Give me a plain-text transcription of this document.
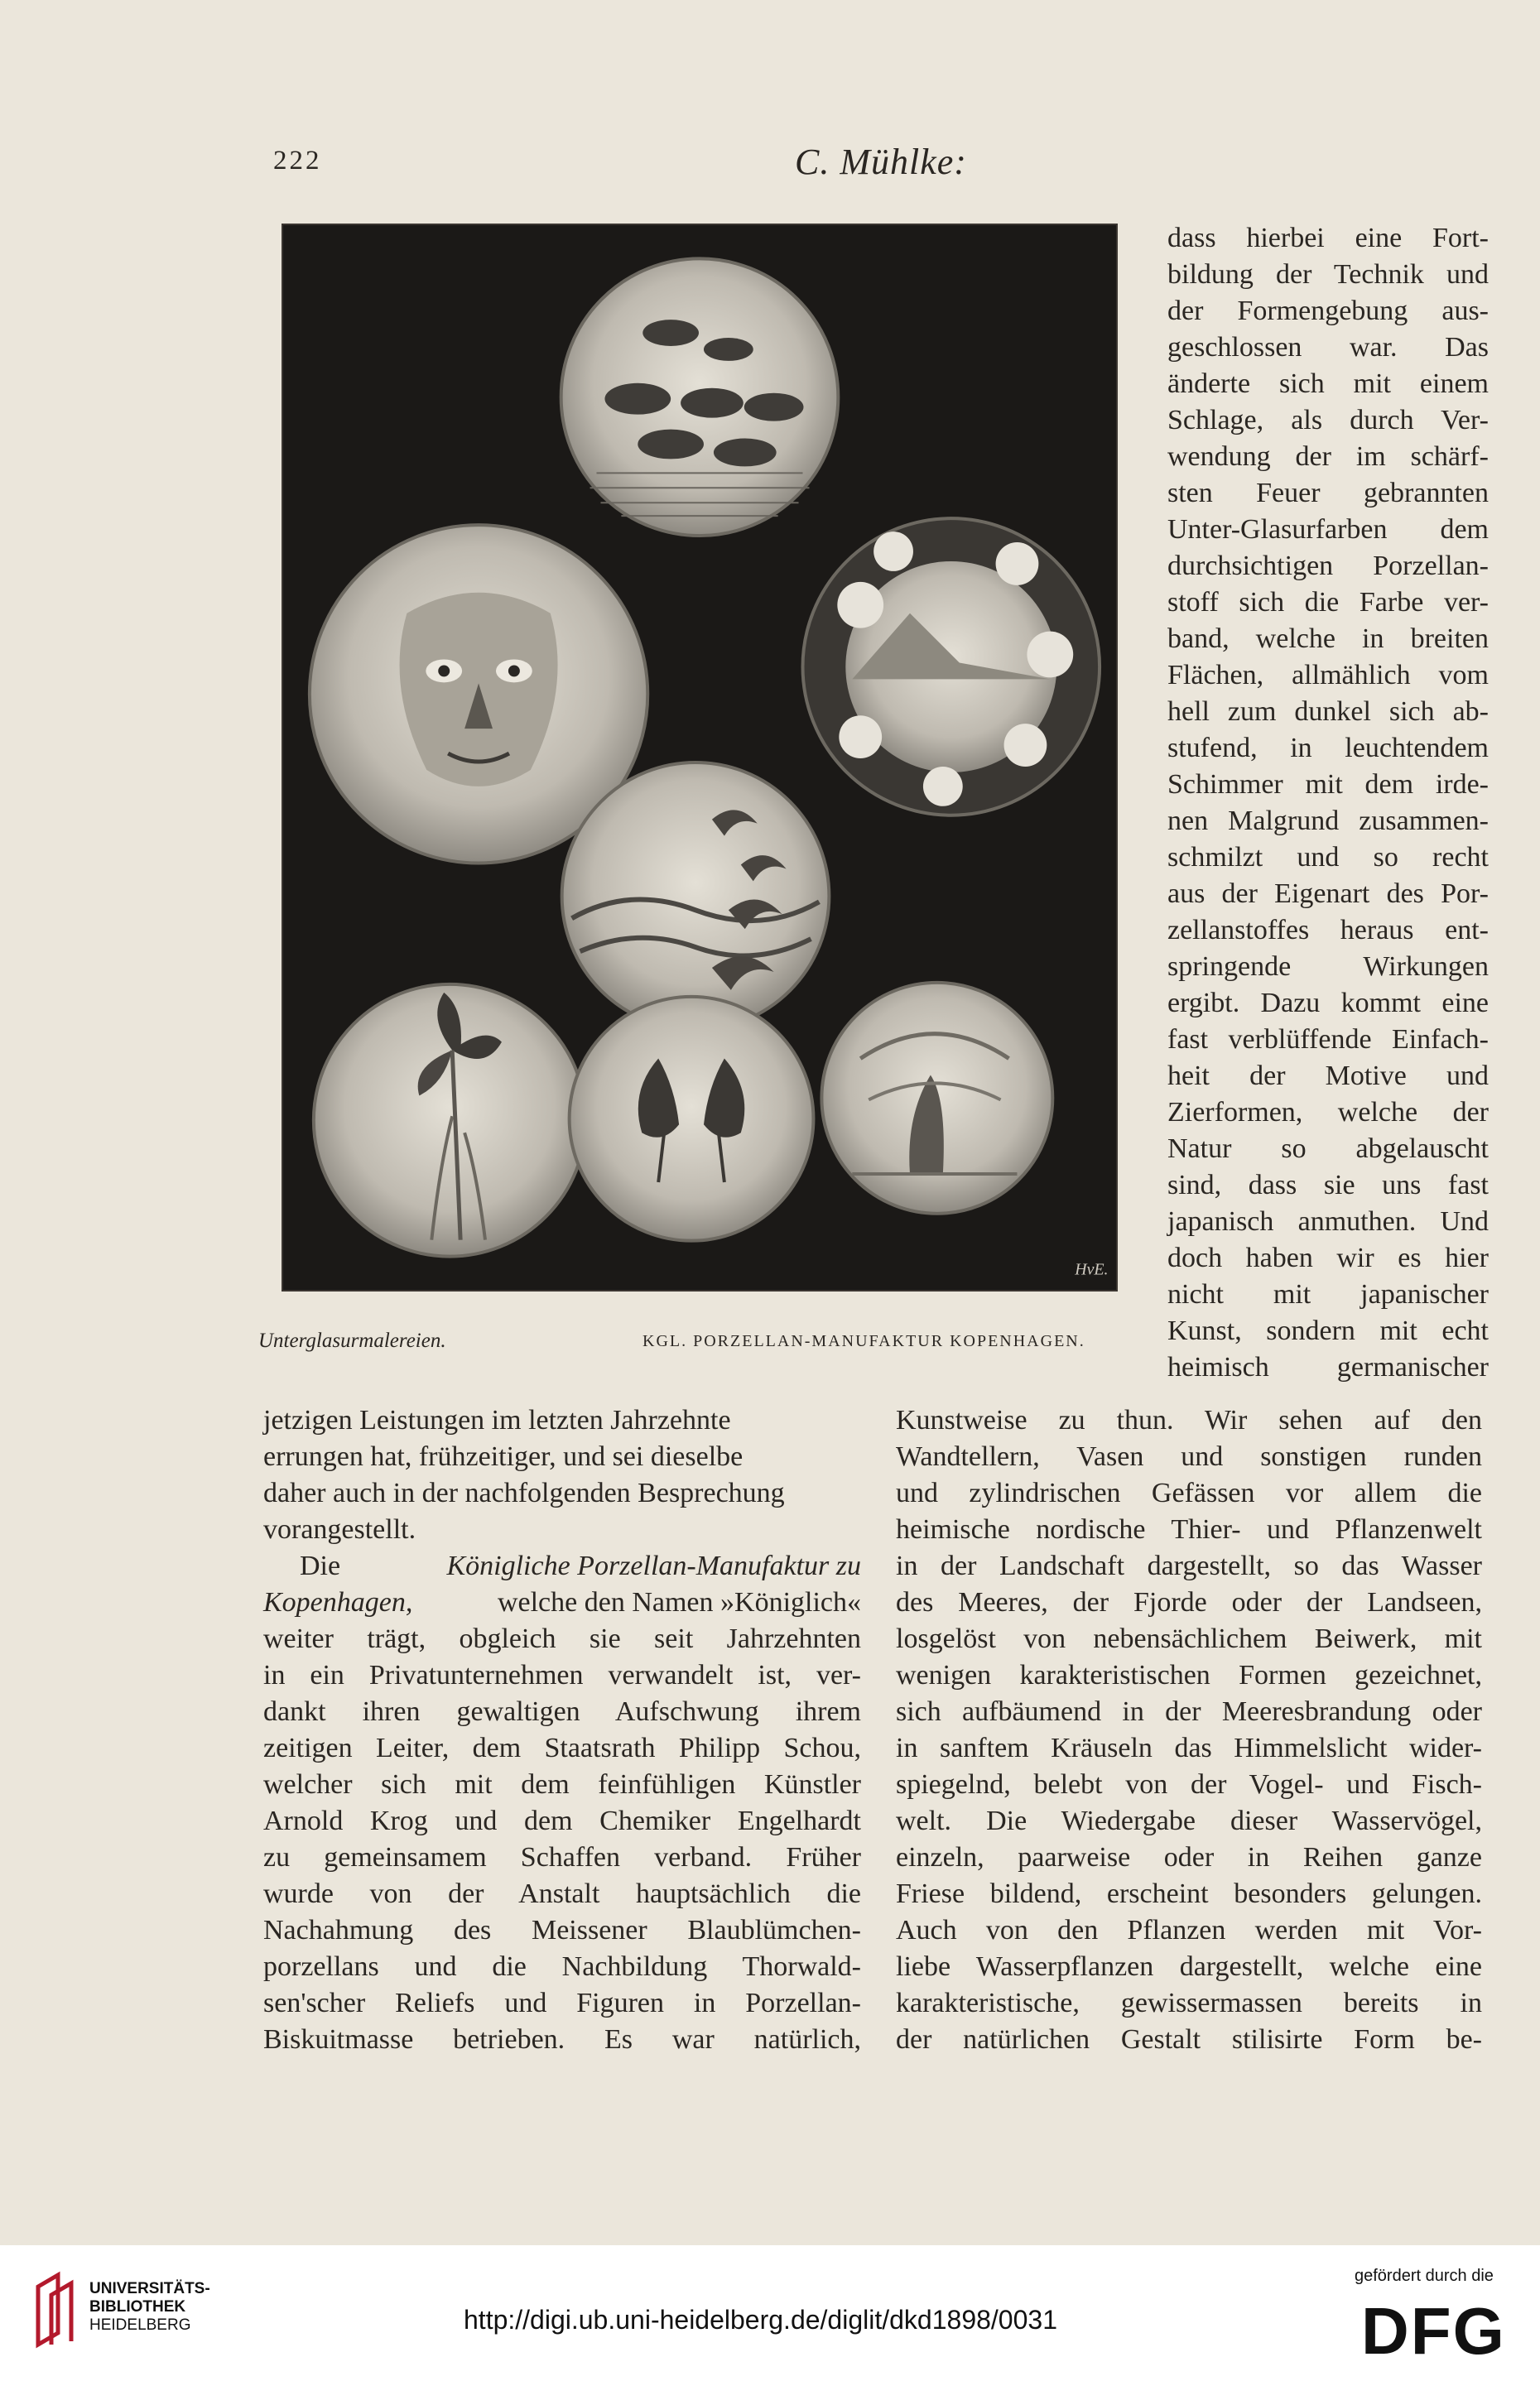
222	C. Mühlke:
HvE.
Unterglasurmalereien.	KGL. PORZELLAN-MANUFAKTUR KOPENHAGEN.
dass hierbei eine Fort-
bildung der Technik und
der Formengebung aus-
geschlossen war. Das
änderte sich mit einem
Schlage, als durch Ver-
wendung der im schärf-
sten Feuer gebrannten
Unter-Glasurfarben dem
durchsichtigen Porzellan-
stoff sich die Farbe ver-
band, welche in breiten
Flächen, allmählich vom
hell zum dunkel sich ab-
stufend, in leuchtendem
Schimmer mit dem irde-
nen Malgrund zusammen-
schmilzt und so recht
aus der Eigenart des Por-
zellanstoffes heraus ent-
springende Wirkungen
ergibt. Dazu kommt eine
fast verblüffende Einfach-
heit der Motive und
Zierformen, welche der
Natur so abgelauscht
sind, dass sie uns fast
japanisch anmuthen. Und
doch haben wir es hier
nicht mit japanischer
Kunst, sondern mit echt
heimisch germanischer
jetzigen Leistungen im letzten Jahrzehnte
errungen hat, frühzeitiger, und sei dieselbe
daher auch in der nachfolgenden Besprechung
vorangestellt.
Die	Königliche Porzellan-Manufaktur zu
Kopenhagen,	welche den Namen »Königlich«
weiter trägt, obgleich sie seit Jahrzehnten
in ein Privatunternehmen verwandelt ist, ver-
dankt ihren gewaltigen Aufschwung ihrem
zeitigen Leiter, dem Staatsrath Philipp Schou,
welcher sich mit dem feinfühligen Künstler
Arnold Krog und dem Chemiker Engelhardt
zu gemeinsamem Schaffen verband. Früher
wurde von der Anstalt hauptsächlich die
Nachahmung des Meissener Blaublümchen-
porzellans und die Nachbildung Thorwald-
sen'scher Reliefs und Figuren in Porzellan-
Biskuitmasse betrieben. Es war natürlich,
Kunstweise zu thun. Wir sehen auf den
Wandtellern, Vasen und sonstigen runden
und zylindrischen Gefässen vor allem die
heimische nordische Thier- und Pflanzenwelt
in der Landschaft dargestellt, so das Wasser
des Meeres, der Fjorde oder der Landseen,
losgelöst von nebensächlichem Beiwerk, mit
wenigen karakteristischen Formen gezeichnet,
sich aufbäumend in der Meeresbrandung oder
in sanftem Kräuseln das Himmelslicht wider-
spiegelnd, belebt von der Vogel- und Fisch-
welt. Die Wiedergabe dieser Wasservögel,
einzeln, paarweise oder in Reihen ganze
Friese bildend, erscheint besonders gelungen.
Auch von den Pflanzen werden mit Vor-
liebe Wasserpflanzen dargestellt, welche eine
karakteristische, gewissermassen bereits in
der natürlichen Gestalt stilisirte Form be-
UNIVERSITÄTS-
BIBLIOTHEK
HEIDELBERG	http://digi.ub.uni-heidelberg.de/diglit/dkd1898/0031
gefördert durch die
DFG
